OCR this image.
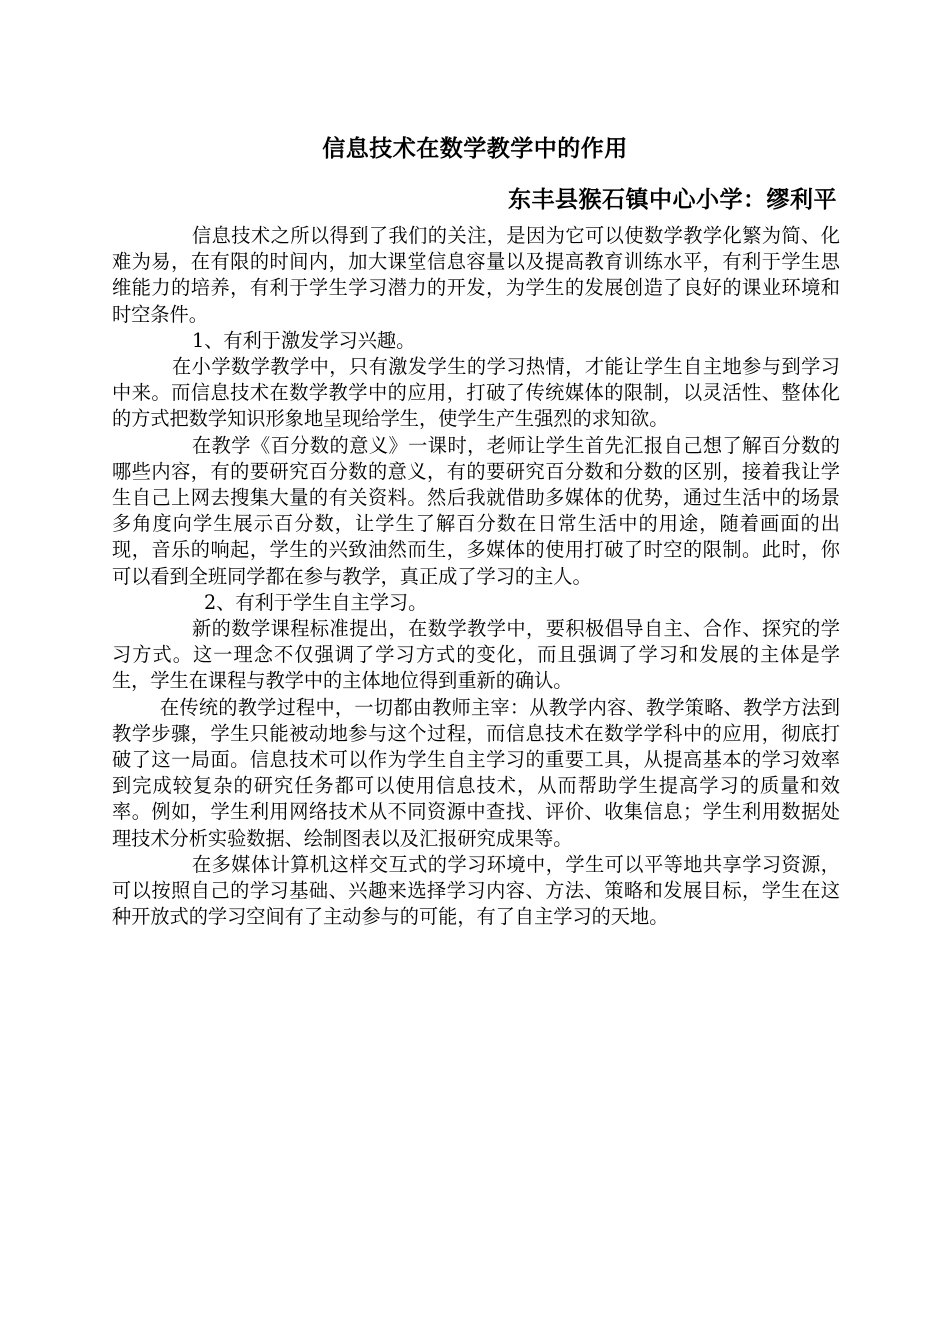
信息技术在数学教学中的作用
东丰县猴石镇中心小学：缪利平

信息技术之所以得到了我们的关注，是因为它可以使数学教学化繁为简、化难为易，在有限的时间内，加大课堂信息容量以及提高教育训练水平，有利于学生思维能力的培养，有利于学生学习潜力的开发，为学生的发展创造了良好的课业环境和时空条件。

1、有利于激发学习兴趣。

在小学数学教学中，只有激发学生的学习热情，才能让学生自主地参与到学习中来。而信息技术在数学教学中的应用，打破了传统媒体的限制，以灵活性、整体化的方式把数学知识形象地呈现给学生，使学生产生强烈的求知欲。

在教学《百分数的意义》一课时，老师让学生首先汇报自己想了解百分数的哪些内容，有的要研究百分数的意义，有的要研究百分数和分数的区别，接着我让学生自己上网去搜集大量的有关资料。然后我就借助多媒体的优势，通过生活中的场景多角度向学生展示百分数，让学生了解百分数在日常生活中的用途，随着画面的出现，音乐的响起，学生的兴致油然而生，多媒体的使用打破了时空的限制。此时，你可以看到全班同学都在参与教学，真正成了学习的主人。

2、有利于学生自主学习。

新的数学课程标准提出，在数学教学中，要积极倡导自主、合作、探究的学习方式。这一理念不仅强调了学习方式的变化，而且强调了学习和发展的主体是学生，学生在课程与教学中的主体地位得到重新的确认。

在传统的教学过程中，一切都由教师主宰：从教学内容、教学策略、教学方法到教学步骤，学生只能被动地参与这个过程，而信息技术在数学学科中的应用，彻底打破了这一局面。信息技术可以作为学生自主学习的重要工具，从提高基本的学习效率到完成较复杂的研究任务都可以使用信息技术，从而帮助学生提高学习的质量和效率。例如，学生利用网络技术从不同资源中查找、评价、收集信息；学生利用数据处理技术分析实验数据、绘制图表以及汇报研究成果等。

在多媒体计算机这样交互式的学习环境中，学生可以平等地共享学习资源，可以按照自己的学习基础、兴趣来选择学习内容、方法、策略和发展目标，学生在这种开放式的学习空间有了主动参与的可能，有了自主学习的天地。
